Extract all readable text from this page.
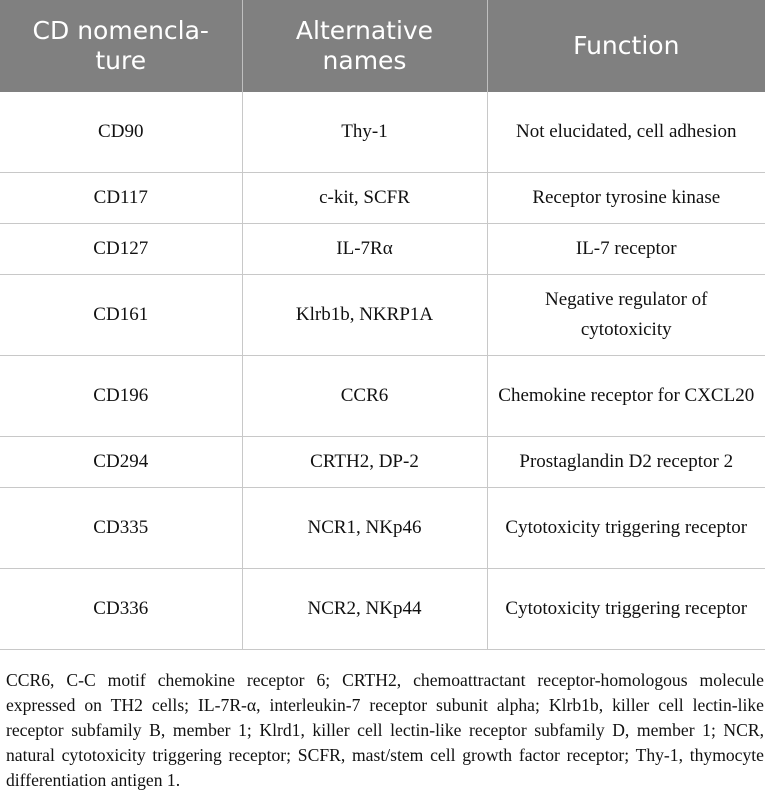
CD nomencla-ture	Alternative names	Function
CD90	Thy-1	Not elucidated, cell adhesion
CD117	c-kit, SCFR	Receptor tyrosine kinase
CD127	IL-7Rα	IL-7 receptor
CD161	Klrb1b, NKRP1A	Negative regulator of cytotoxicity
CD196	CCR6	Chemokine receptor for CXCL20
CD294	CRTH2, DP-2	Prostaglandin D2 receptor 2
CD335	NCR1, NKp46	Cytotoxicity triggering receptor
CD336	NCR2, NKp44	Cytotoxicity triggering receptor

CCR6, C-C motif chemokine receptor 6; CRTH2, chemoattractant receptor-homologous molecule expressed on TH2 cells; IL-7R-α, interleukin-7 receptor subunit alpha; Klrb1b, killer cell lectin-like receptor subfamily B, member 1; Klrd1, killer cell lectin-like receptor subfamily D, member 1; NCR, natural cytotoxicity triggering receptor; SCFR, mast/stem cell growth factor receptor; Thy-1, thymocyte differentiation antigen 1.
